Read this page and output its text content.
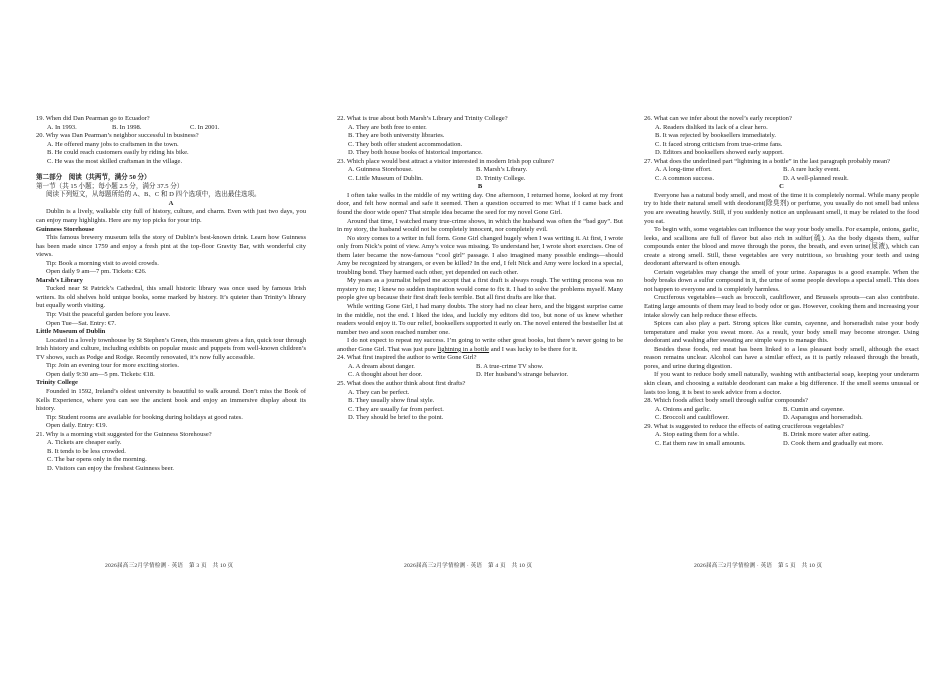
19. When did Dan Pearman go to Ecuador?

A. In 1993.	B. In 1998.	C. In 2001.

20. Why was Dan Pearman’s neighbor successful in business?

A. He offered many jobs to craftsmen in the town.

B. He could reach customers easily by riding his bike.

C. He was the most skilled craftsman in the village.

第二部分　阅读（共两节，满分 50 分）

第一节（共 15 小题；每小题 2.5 分，满分 37.5 分）

阅读下列短文，从每题所给的 A、B、C 和 D 四个选项中，选出最佳选项。

A

Dublin is a lively, walkable city full of history, culture, and charm. Even with just two days, you can enjoy many highlights. Here are my top picks for your trip.

Guinness Storehouse

This famous brewery museum tells the story of Dublin’s best-known drink. Learn how Guinness has been made since 1759 and enjoy a fresh pint at the top-floor Gravity Bar, with wonderful city views.

Tip: Book a morning visit to avoid crowds.

Open daily 9 am—7 pm. Tickets: €26.

Marsh’s Library

Tucked near St Patrick’s Cathedral, this small historic library was once used by famous Irish writers. Its old shelves hold unique books, some marked by history. It’s quieter than Trinity’s library but equally worth visiting.

Tip: Visit the peaceful garden before you leave.

Open Tue—Sat. Entry: €7.

Little Museum of Dublin

Located in a lovely townhouse by St Stephen’s Green, this museum gives a fun, quick tour through Irish history and culture, including exhibits on popular music and puppets from well-known children’s TV shows, such as Podge and Rodge. Recently renovated, it’s now fully accessible.

Tip: Join an evening tour for more exciting stories.

Open daily 9:30 am—5 pm. Tickets: €18.

Trinity College

Founded in 1592, Ireland’s oldest university is beautiful to walk around. Don’t miss the Book of Kells Experience, where you can see the ancient book and enjoy an immersive display about its history.

Tip: Student rooms are available for booking during holidays at good rates.

Open daily. Entry: €19.

21. Why is a morning visit suggested for the Guinness Storehouse?

A. Tickets are cheaper early.

B. It tends to be less crowded.

C. The bar opens only in the morning.

D. Visitors can enjoy the freshest Guinness beer.

2026届高三2月学情检测 · 英语　第 3 页　共 10 页

22. What is true about both Marsh’s Library and Trinity College?

A. They are both free to enter.

B. They are both university libraries.

C. They both offer student accommodation.

D. They both house books of historical importance.

23. Which place would best attract a visitor interested in modern Irish pop culture?

A. Guinness Storehouse.	B. Marsh’s Library.
C. Little Museum of Dublin.	D. Trinity College.

B

I often take walks in the middle of my writing day. One afternoon, I returned home, looked at my front door, and felt how normal and safe it seemed. Then a question occurred to me: What if I came back and found the door wide open? That simple idea became the seed for my novel Gone Girl.

Around that time, I watched many true-crime shows, in which the husband was often the “bad guy”. But in my story, the husband would not be completely innocent, nor completely evil.

No story comes to a writer in full form. Gone Girl changed hugely when I was writing it. At first, I wrote only from Nick’s point of view. Amy’s voice was missing. To understand her, I wrote short exercises. One of them later became the now-famous “cool girl” passage. I also imagined many possible endings—should Amy be recognized by strangers, or even be killed? In the end, I felt Nick and Amy were locked in a special, troubling bond. They harmed each other, yet depended on each other.

My years as a journalist helped me accept that a first draft is always rough. The writing process was no mystery to me; I knew no sudden inspiration would come to fix it. I had to solve the problems myself. Many people give up because their first draft feels terrible. But all first drafts are like that.

While writing Gone Girl, I had many doubts. The story had no clear hero, and the biggest surprise came in the middle, not the end. I liked the idea, and luckily my editors did too, but none of us knew whether readers would enjoy it. To our relief, booksellers supported it early on. The novel entered the bestseller list at number two and soon reached number one.

I do not expect to repeat my success. I’m going to write other great books, but there’s never going to be another Gone Girl. That was just pure lightning in a bottle and I was lucky to be there for it.

24. What first inspired the author to write Gone Girl?

A. A dream about danger.	B. A true-crime TV show.
C. A thought about her door.	D. Her husband’s strange behavior.

25. What does the author think about first drafts?

A. They can be perfect.

B. They usually show final style.

C. They are usually far from perfect.

D. They should be brief to the point.

2026届高三2月学情检测 · 英语　第 4 页　共 10 页

26. What can we infer about the novel’s early reception?

A. Readers disliked its lack of a clear hero.

B. It was rejected by booksellers immediately.

C. It faced strong criticism from true-crime fans.

D. Editors and booksellers showed early support.

27. What does the underlined part “lightning in a bottle” in the last paragraph probably mean?

A. A long-time effort.	B. A rare lucky event.
C. A common success.	D. A well-planned result.

C

Everyone has a natural body smell, and most of the time it is completely normal. While many people try to hide their natural smell with deodorant(除臭剂) or perfume, you usually do not smell bad unless you are sweating heavily. Still, if you suddenly notice an unpleasant smell, it may be related to the food you eat.

To begin with, some vegetables can influence the way your body smells. For example, onions, garlic, leeks, and scallions are full of flavor but also rich in sulfur(硫). As the body digests them, sulfur compounds enter the blood and move through the pores, the breath, and even urine(尿液), which can create a strong smell. Still, these vegetables are very nutritious, so brushing your teeth and using deodorant afterward is often enough.

Certain vegetables may change the smell of your urine. Asparagus is a good example. When the body breaks down a sulfur compound in it, the urine of some people develops a special smell. This does not happen to everyone and is completely harmless.

Cruciferous vegetables—such as broccoli, cauliflower, and Brussels sprouts—can also contribute. Eating large amounts of them may lead to body odor or gas. However, cooking them and increasing your intake slowly can help reduce these effects.

Spices can also play a part. Strong spices like cumin, cayenne, and horseradish raise your body temperature and make you sweat more. As a result, your body smell may become stronger. Using deodorant and washing after sweating are simple ways to manage this.

Besides these foods, red meat has been linked to a less pleasant body smell, although the exact reason remains unclear. Alcohol can have a similar effect, as it is partly released through the breath, pores, and urine during digestion.

If you want to reduce body smell naturally, washing with antibacterial soap, keeping your underarm skin clean, and choosing a suitable deodorant can make a big difference. If the smell seems unusual or lasts too long, it is best to seek advice from a doctor.

28. Which foods affect body smell through sulfur compounds?

A. Onions and garlic.	B. Cumin and cayenne.
C. Broccoli and cauliflower.	D. Asparagus and horseradish.

29. What is suggested to reduce the effects of eating cruciferous vegetables?

A. Stop eating them for a while.	B. Drink more water after eating.
C. Eat them raw in small amounts.	D. Cook them and gradually eat more.
2026届高三2月学情检测 · 英语　第 5 页　共 10 页
